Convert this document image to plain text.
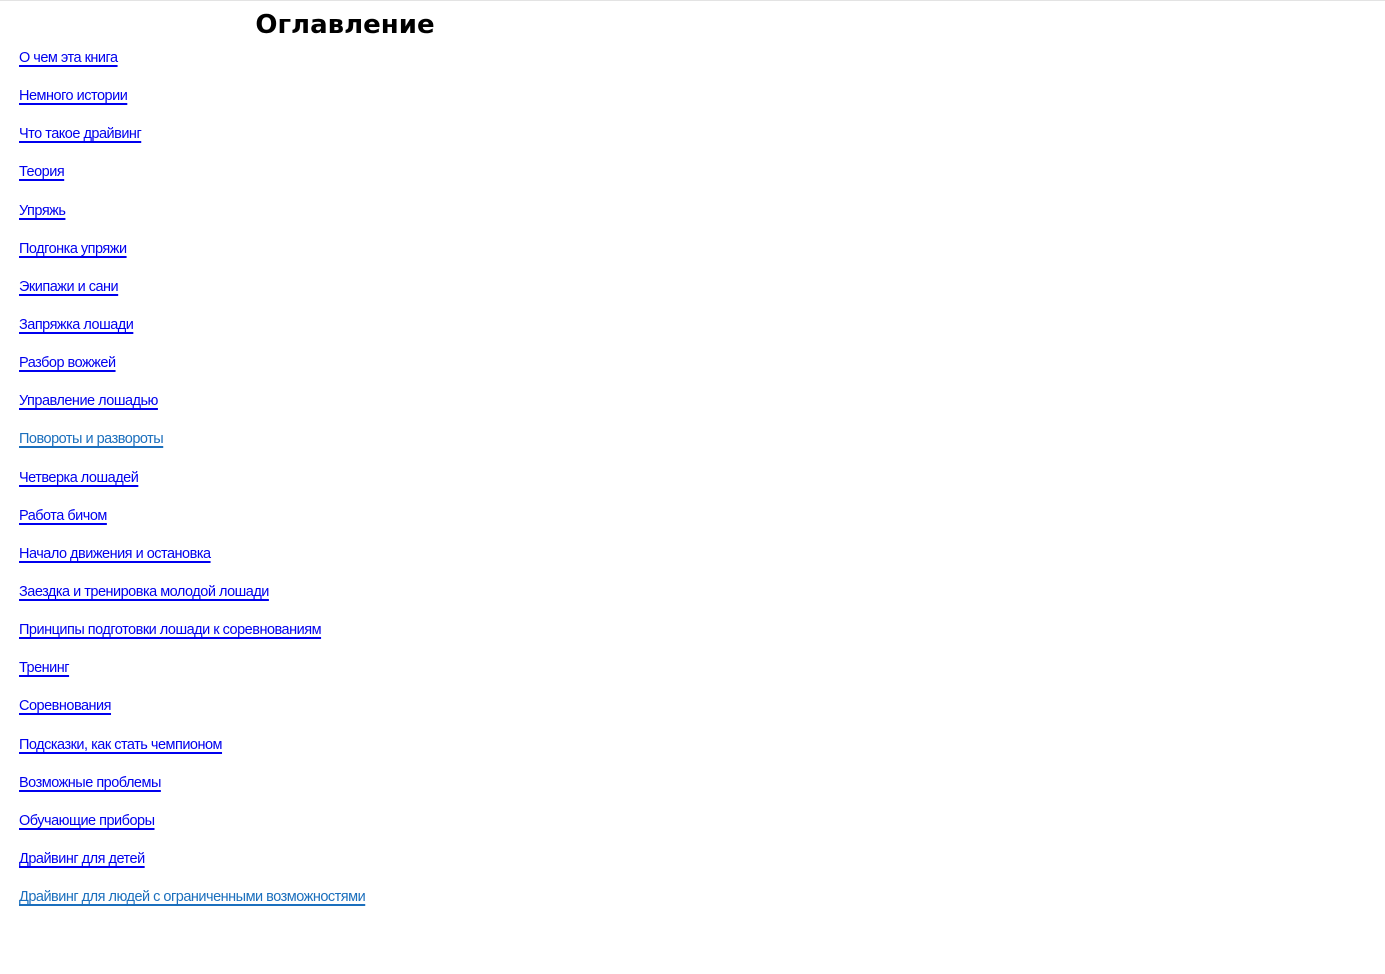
Оглавление
О чем эта книга
Немного истории
Что такое драйвинг
Теория
Упряжь
Подгонка упряжи
Экипажи и сани
Запряжка лошади
Разбор вожжей
Управление лошадью
Повороты и развороты
Четверка лошадей
Работа бичом
Начало движения и остановка
Заездка и тренировка молодой лошади
Принципы подготовки лошади к соревнованиям
Тренинг
Соревнования
Подсказки, как стать чемпионом
Возможные проблемы
Обучающие приборы
Драйвинг для детей
Драйвинг для людей с ограниченными возможностями
